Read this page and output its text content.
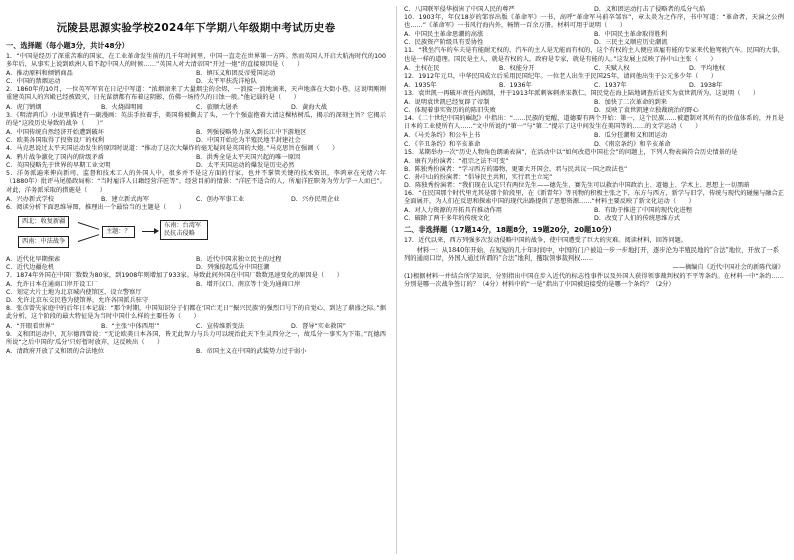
沅陵县思源实验学校2024年下学期八年级期中考试历史卷
一、选择题（每小题3分，共计48分）
1．“中国是经历了深重苦难的国家，在工业革命发生前的几千年时间里，中国一直走在世界第一方阵。然而英国人开启大航海时代的100多年后，从事实上说到欧洲人看不起中国人的时候……”英国人对大清帝国“开过一炮”的直接原因是（　　）
A．推动原料和倾销商品	B．镇压义和团反帝爱国运动
C．中国的禁烟运动	D．太平军扶洗洋枪队
2．1860年的10月，一位英军军官在日记中写道：“浓烟滚来了大量烟尘的余烬，一浪接一浪地滴来，天声地落在大街小巷，这说明刚刚重建英国人的宫殿已经被毁灭，日光谋溃都有布着这阴影，仿佛一场持久的日蚀一般。”他记载的是（　　）
A．虎门销烟	B．火烧圆明园	C．旅顺大屠杀	D．黄海大战
3．《明清鸿爪》小说里描述有一副漫画：英法手拉着手，美国将被撕去了头，一个个强盗抱着大清这棵枯树瓜，揭示的深刻主旨？它揭示的是“这段历史导致的战争（　　）”
A．中国传统自然经济开始遭到破坏	B．列强侵略势力深入到长江中下游地区
C．欧美各国取得了投资设厂的权利	D．中国开始沦为半殖民地半封建社会
4．马克思说过太平天国运动发生的原因时说道：“推动了这次大爆炸的毫无疑问是英国的大炮。”马克思旨在强调（　　）
A．鸦片战争激化了国内的阶级矛盾	B．洪秀全是太平天国兴起的唯一原因
C．英国侵略先于世界的早期工业文明	D．太平天国运动的爆发是历史必然
5．洋务派遍来伸向新司、监督和技术工人的外国人中，很多并不是这方面的行家，也并不掌管关键的技术资讯，李鸿章在光绪六年（1880年）批评马尾船政局称：“当时雇洋人日籍经营洋匠等”，经营目前的情景：“洋匠不适合的人，所雇洋匠职务为劳力学一人而已”。对此，洋务派采取的措施是（　　）
A．兴办新式学校	B．建立新式海军	C．创办军事工业	D．兴办民用企业
6．阅读分析下面思维导图，推理出一个最恰当的主题是（　　）
西北：收复新疆
西南：中法战争
主题：？
东南：台湾军民抗击侵略
A．近代化早期探索	B．近代中国求独立民主的过程
C．近代边疆危机	D．列强掠起瓜分中国狂潮
7．1874年外国在中国厂数数为80家，到1908年则增加了933家。导致此间外国在中国厂数数迅速变化的原因是（　　）
A．允许日本在通商口岸开设工厂	B．增开汉口、南京等十处为通商口岸
C．划定大片土地为北京城内使馆区，设立警察厅
D．允许北京东交民巷为使馆界，允许各国派兵驻守
8．张彦曾失家庭中的后年日本记载：“那个时期，中国知识分子们都在‘国亡无日’‘振兴民族’的强烈口号下的自觉心，到达了鼎盛之际。”据此分析，这个阶段的最大特征是为当时中国什么样的主要任务（　　）
A．“开眼看世界”	B．“主张‘中体西用’”	C．宣传维新变法	D．督导“实业救国”
9．义和团运动中，瓦尔德西曾说：“无论欧美日本各国，皆无此智力与兵力可以统治此天下生灵四分之一，故瓜分一事实为下策。”瓦德西所说“之后中国的‘瓜分’只好暂时放弃，这反映出（　　）
A．清政府开放了义和团的合法地位	B．帝国主义在中国的武装势力过于弱小
C．八国联军侵华损害了中国人民的尊严	D．义和团运动打击了侵略者的瓜分气焰
10．1903年，年仅18岁的邹容出版《革命军》一书，高呼“革命军马前卒邹容”，章太炎为之作序，书中写道：“革命者，天演之公例也……”《革命军》一书风行海内外，畅销一百余万册。材料可用于说明（　　）
A．中国民主革命思潮的高涨	B．中国民主革命取得胜利
C．民族资产阶级具有妥协性	D．三民主义顺应历史潮流
11．“我坐汽车的车夫是有能耐无权的，汽车的主人是无能而有权的，这个有权的主人便应该雇有能的专家来代他驾驶汽车。民国的大事，也是一样的道理。国民是主人，就是有权的人，政府是专家，就是有能的人。”这发展上反映了孙中山主张（　　）
A．主权在民	B．权能分开	C．天赋人权	D．平均地权
12．1912年元旦，中华民国成立后采用民国纪年。一位老人出生于民国25年，请问他出生于公元多少年（　　）
A．1935年	B．1936年	C．1937年	D．1938年
13．袁世凯一再破坏责任内阁制，并于1913年派刺客刺杀宋教仁。国民党在海上陆地调查后证实为袁世凯所为，这说明（　　）
A．说明袁世凯已经复辟了帝制	B．加快了二次革命的到来
C．体现着事实资历的的陈旧失败	D．反映了袁世凯建立独裁统治的野心
14．《二十世纪中国的崛起》中指出：“……民族的觉醒，道德要有两个开始：第一，这个民族……被遗制对其所有的价值体系的，并且是日本的工业使所有人……”文中所说的“第一”与“第二”提示了这中间发生在美国等的……的文学运动（　　）
A．《马关条约》和公车上书	B．瓜分狂潮和义和团运动
C．《辛丑条约》和辛亥革命	D．《南京条约》和辛亥革命
15．某期举办一次“历史人物角色朗诵表演”，在活动中以“如何改造中国社会”的问题上，下列人物表演符合历史情景的是
A．康有为扮演者：“祖宗之法不可变”
B．陈独秀扮演者：“学习西方的器物，更要大开国会，君与民共议一国之政法也”
C．孙中山的扮演者：“倡导民主共和，实行君主立宪”
D．陈独秀扮演者：“我们现在认定只有两位先生——德先生、赛先生可以救治中国政治上、道德上、学术上、思想上一切黑暗
16．“在民国那个时代里尤其是那个阶段里，在《新青年》等刊物的积极主张之下，东方与西方，新学与旧学，传统与现代的碰撞与融合正全面展开，为人们在反思和探索中国的现代出路提供了思想资源……”材料主要反映了新文化运动（　　）
A．对人力资源的开拓具有推动作用	B．有助于推进了中国的现代化进程
C．破除了两千多年的传统文化	D．改变了人们的传统思维方式
二、非选择题（17题14分，18题8分，19题20分，20题10分）
17．近代以来，西方列强多次发动侵略中国的战争，使中国遭受了巨大的灾难。阅读材料，回答问题。
材料一：从1840年开始，在短短的几十年时间中，中国的门户被迫一步一步地打开，逐步沦为半殖民地的“合法”地位，开放了一系列的通商口岸，外国人通过所谓的“合法”地利，攫取领事裁判权……
——摘编自《近代中国社会的新陈代谢》
(1)根据材料一并结合所学知识，分别指出中国在步入近代的标志性事件以及外国人获得领事裁判权的不平等条约。在材料一中“条约……分别是哪一次战争签订的？（4分）材料中的“一是”指出了中国被迫接受的是哪一个条约？（2分）
